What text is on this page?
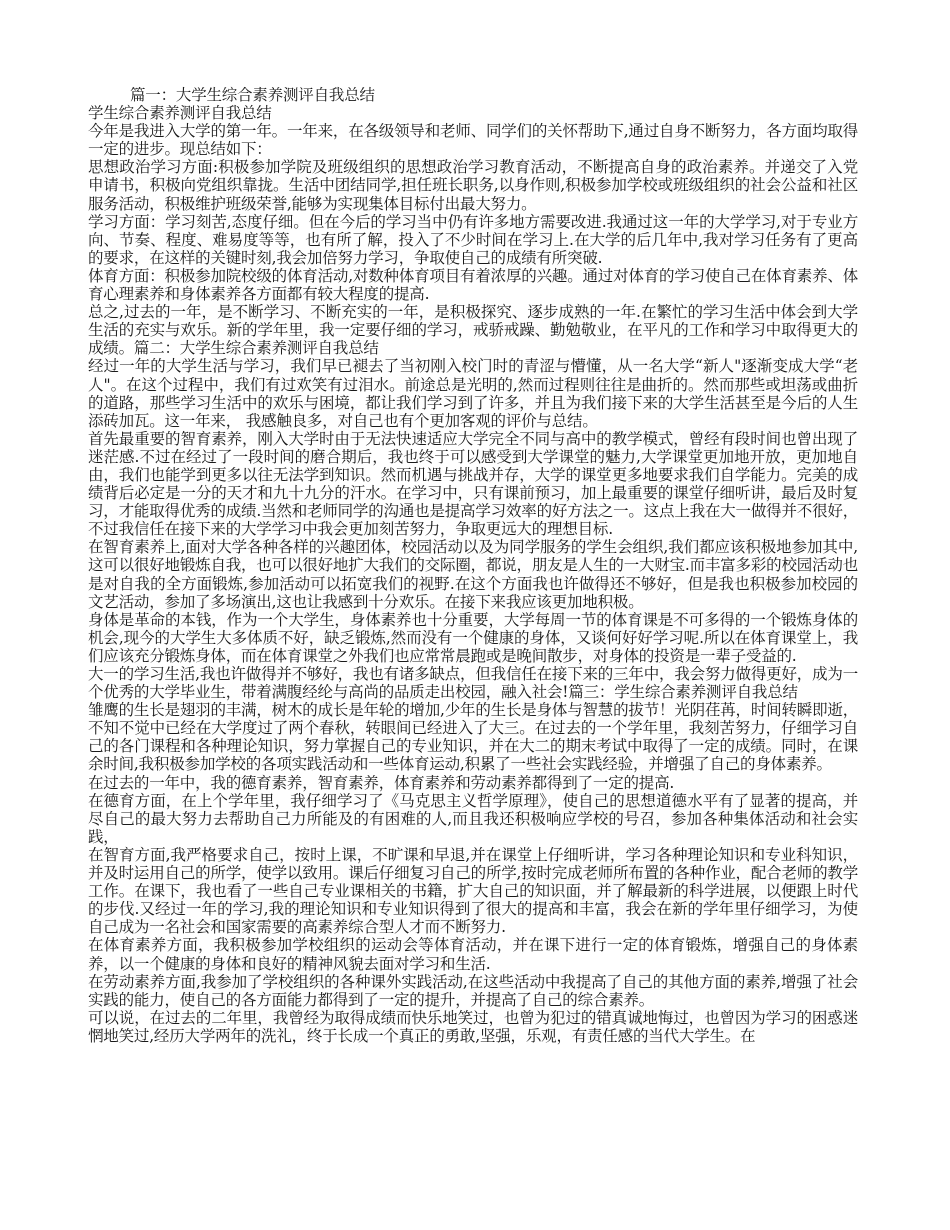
篇一：大学生综合素养测评自我总结

学生综合素养测评自我总结

今年是我进入大学的第一年。一年来，在各级领导和老师、同学们的关怀帮助下,通过自身不断努力，各方面均取得一定的进步。现总结如下：

思想政治学习方面:积极参加学院及班级组织的思想政治学习教育活动，不断提高自身的政治素养。并递交了入党申请书，积极向党组织靠拢。生活中团结同学,担任班长职务,以身作则,积极参加学校或班级组织的社会公益和社区服务活动，积极维护班级荣誉,能够为实现集体目标付出最大努力。

学习方面：学习刻苦,态度仔细。但在今后的学习当中仍有许多地方需要改进.我通过这一年的大学学习,对于专业方向、节奏、程度、难易度等等，也有所了解，投入了不少时间在学习上.在大学的后几年中,我对学习任务有了更高的要求，在这样的关键时刻,我会加倍努力学习，争取使自己的成绩有所突破.

体育方面：积极参加院校级的体育活动,对数种体育项目有着浓厚的兴趣。通过对体育的学习使自己在体育素养、体育心理素养和身体素养各方面都有较大程度的提高.

总之,过去的一年，是不断学习、不断充实的一年，是积极探究、逐步成熟的一年.在繁忙的学习生活中体会到大学生活的充实与欢乐。新的学年里，我一定要仔细的学习，戒骄戒躁、勤勉敬业，在平凡的工作和学习中取得更大的成绩。篇二：大学生综合素养测评自我总结

经过一年的大学生活与学习，我们早已褪去了当初刚入校门时的青涩与懵懂，从一名大学“新人"逐渐变成大学“老人"。在这个过程中，我们有过欢笑有过泪水。前途总是光明的,然而过程则往往是曲折的。然而那些或坦荡或曲折的道路，那些学习生活中的欢乐与困境，都让我们学习到了许多，并且为我们接下来的大学生活甚至是今后的人生添砖加瓦。这一年来， 我感触良多，对自己也有个更加客观的评价与总结。

首先最重要的智育素养，刚入大学时由于无法快速适应大学完全不同与高中的教学模式，曾经有段时间也曾出现了迷茫感.不过在经过了一段时间的磨合期后，我也终于可以感受到大学课堂的魅力,大学课堂更加地开放，更加地自由，我们也能学到更多以往无法学到知识。然而机遇与挑战并存，大学的课堂更多地要求我们自学能力。完美的成绩背后必定是一分的天才和九十九分的汗水。在学习中，只有课前预习，加上最重要的课堂仔细听讲，最后及时复习，才能取得优秀的成绩.当然和老师同学的沟通也是提高学习效率的好方法之一。这点上我在大一做得并不很好，不过我信任在接下来的大学学习中我会更加刻苦努力，争取更远大的理想目标.

在智育素养上,面对大学各种各样的兴趣团体，校园活动以及为同学服务的学生会组织,我们都应该积极地参加其中,这可以很好地锻炼自我，也可以很好地扩大我们的交际圈，都说，朋友是人生的一大财宝.而丰富多彩的校园活动也是对自我的全方面锻炼,参加活动可以拓宽我们的视野.在这个方面我也许做得还不够好，但是我也积极参加校园的文艺活动，参加了多场演出,这也让我感到十分欢乐。在接下来我应该更加地积极。

身体是革命的本钱，作为一个大学生，身体素养也十分重要，大学每周一节的体育课是不可多得的一个锻炼身体的机会,现今的大学生大多体质不好，缺乏锻炼,然而没有一个健康的身体，又谈何好好学习呢.所以在体育课堂上，我们应该充分锻炼身体，而在体育课堂之外我们也应常常晨跑或是晚间散步，对身体的投资是一辈子受益的.

大一的学习生活,我也许做得并不够好，我也有诸多缺点，但我信任在接下来的三年中，我会努力做得更好，成为一个优秀的大学毕业生，带着满腹经纶与高尚的品质走出校园，融入社会!篇三：学生综合素养测评自我总结

雏鹰的生长是翅羽的丰满，树木的成长是年轮的增加,少年的生长是身体与智慧的拔节！光阴荏苒，时间转瞬即逝，不知不觉中已经在大学度过了两个春秋，转眼间已经进入了大三。在过去的一个学年里，我刻苦努力，仔细学习自己的各门课程和各种理论知识，努力掌握自己的专业知识，并在大二的期末考试中取得了一定的成绩。同时，在课余时间,我积极参加学校的各项实践活动和一些体育运动,积累了一些社会实践经验，并增强了自己的身体素养。

在过去的一年中，我的德育素养，智育素养，体育素养和劳动素养都得到了一定的提高.

在德育方面，在上个学年里，我仔细学习了《马克思主义哲学原理》，使自己的思想道德水平有了显著的提高，并尽自己的最大努力去帮助自己力所能及的有困难的人,而且我还积极响应学校的号召，参加各种集体活动和社会实践，

在智育方面,我严格要求自己，按时上课，不旷课和早退,并在课堂上仔细听讲，学习各种理论知识和专业科知识，并及时运用自己的所学，使学以致用。课后仔细复习自己的所学,按时完成老师所布置的各种作业，配合老师的教学工作。在课下，我也看了一些自己专业课相关的书籍，扩大自己的知识面，并了解最新的科学进展，以便跟上时代的步伐.又经过一年的学习,我的理论知识和专业知识得到了很大的提高和丰富，我会在新的学年里仔细学习，为使自己成为一名社会和国家需要的高素养综合型人才而不断努力.

在体育素养方面，我积极参加学校组织的运动会等体育活动，并在课下进行一定的体育锻炼，增强自己的身体素养，以一个健康的身体和良好的精神风貌去面对学习和生活.

在劳动素养方面,我参加了学校组织的各种课外实践活动,在这些活动中我提高了自己的其他方面的素养,增强了社会实践的能力，使自己的各方面能力都得到了一定的提升，并提高了自己的综合素养。

可以说，在过去的二年里，我曾经为取得成绩而快乐地笑过，也曾为犯过的错真诚地悔过，也曾因为学习的困惑迷惘地笑过,经历大学两年的洗礼，终于长成一个真正的勇敢,坚强，乐观，有责任感的当代大学生。在
